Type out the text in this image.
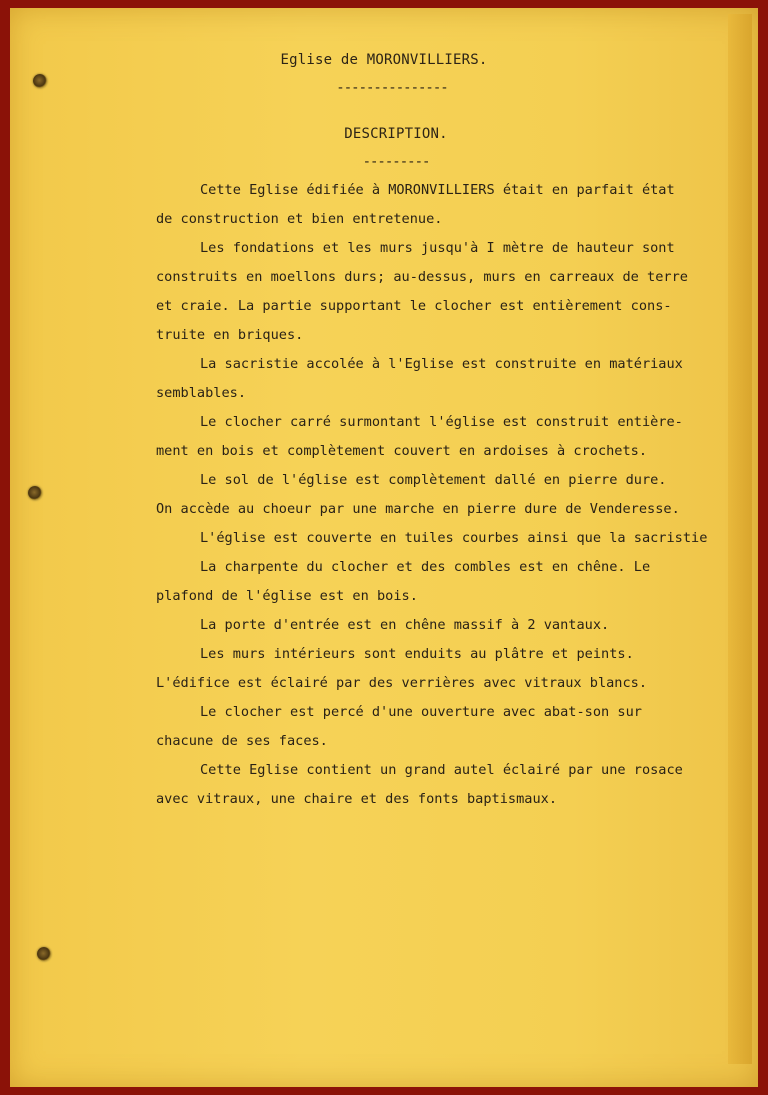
Eglise de MORONVILLIERS.
---------------
DESCRIPTION.
---------
Cette Eglise édifiée à MORONVILLIERS était en parfait état
de construction et bien entretenue.
Les fondations et les murs jusqu'à I mètre de hauteur sont
construits en moellons durs; au-dessus, murs en carreaux de terre
et craie. La partie supportant le clocher est entièrement cons-
truite en briques.
La sacristie accolée à l'Eglise est construite en matériaux
semblables.
Le clocher carré surmontant l'église est construit entière-
ment en bois et complètement couvert en ardoises à crochets.
Le sol de l'église est complètement dallé en pierre dure.
On accède au choeur par une marche en pierre dure de Venderesse.
L'église est couverte en tuiles courbes ainsi que la sacristie
La charpente du clocher et des combles est en chêne. Le
plafond de l'église est en bois.
La porte d'entrée est en chêne massif à 2 vantaux.
Les murs intérieurs sont enduits au plâtre et peints.
L'édifice est éclairé par des verrières avec vitraux blancs.
Le clocher est percé d'une ouverture avec abat-son sur
chacune de ses faces.
Cette Eglise contient un grand autel éclairé par une rosace
avec vitraux, une chaire et des fonts baptismaux.
